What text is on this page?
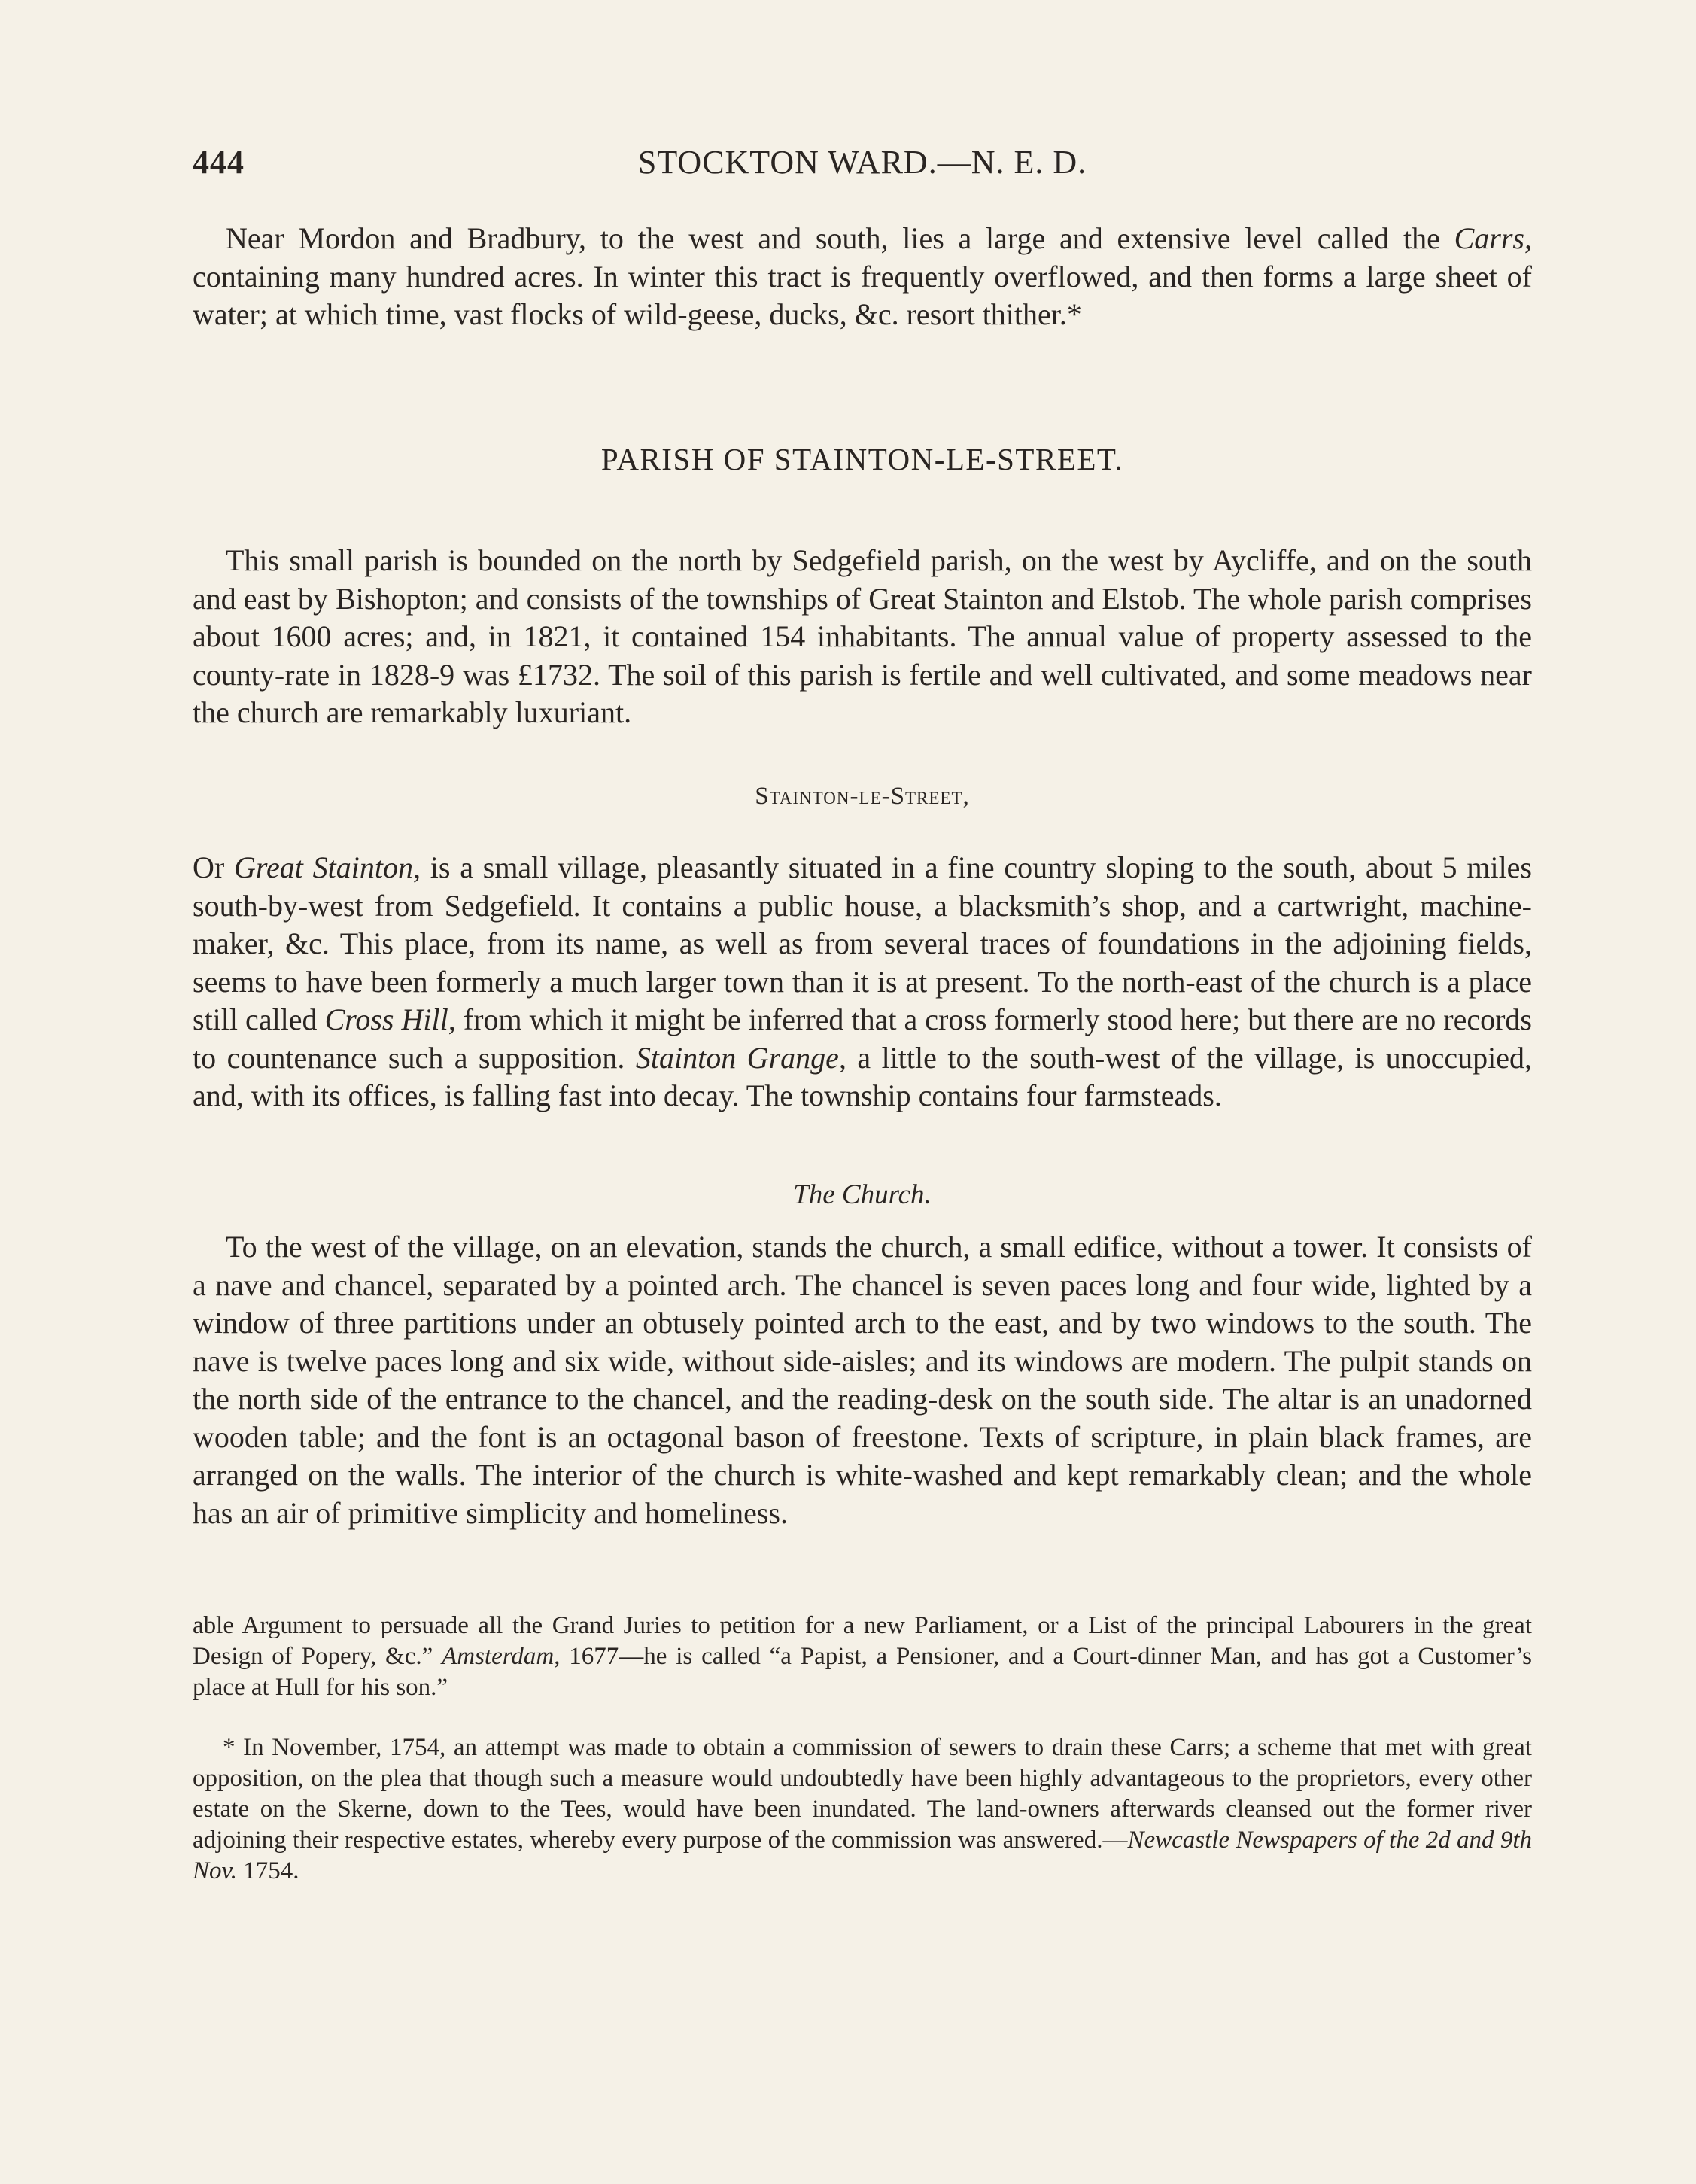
444	STOCKTON WARD.—N. E. D.

Near Mordon and Bradbury, to the west and south, lies a large and extensive level called the Carrs, containing many hundred acres. In winter this tract is frequently overflowed, and then forms a large sheet of water; at which time, vast flocks of wild-geese, ducks, &c. resort thither.*

PARISH OF STAINTON-LE-STREET.

This small parish is bounded on the north by Sedgefield parish, on the west by Aycliffe, and on the south and east by Bishopton; and consists of the townships of Great Stainton and Elstob. The whole parish comprises about 1600 acres; and, in 1821, it contained 154 inhabitants. The annual value of property assessed to the county-rate in 1828-9 was £1732. The soil of this parish is fertile and well cultivated, and some meadows near the church are remarkably luxuriant.

Stainton-le-Street,

Or Great Stainton, is a small village, pleasantly situated in a fine country sloping to the south, about 5 miles south-by-west from Sedgefield. It contains a public house, a blacksmith’s shop, and a cartwright, machine-maker, &c. This place, from its name, as well as from several traces of foundations in the adjoining fields, seems to have been formerly a much larger town than it is at present. To the north-east of the church is a place still called Cross Hill, from which it might be inferred that a cross formerly stood here; but there are no records to countenance such a supposition. Stainton Grange, a little to the south-west of the village, is unoccupied, and, with its offices, is falling fast into decay. The township contains four farmsteads.

The Church.

To the west of the village, on an elevation, stands the church, a small edifice, without a tower. It consists of a nave and chancel, separated by a pointed arch. The chancel is seven paces long and four wide, lighted by a window of three partitions under an obtusely pointed arch to the east, and by two windows to the south. The nave is twelve paces long and six wide, without side-aisles; and its windows are modern. The pulpit stands on the north side of the entrance to the chancel, and the reading-desk on the south side. The altar is an unadorned wooden table; and the font is an octagonal bason of freestone. Texts of scripture, in plain black frames, are arranged on the walls. The interior of the church is white-washed and kept remarkably clean; and the whole has an air of primitive simplicity and homeliness.

able Argument to persuade all the Grand Juries to petition for a new Parliament, or a List of the principal Labourers in the great Design of Popery, &c.” Amsterdam, 1677—he is called “a Papist, a Pensioner, and a Court-dinner Man, and has got a Customer’s place at Hull for his son.”

* In November, 1754, an attempt was made to obtain a commission of sewers to drain these Carrs; a scheme that met with great opposition, on the plea that though such a measure would undoubtedly have been highly advantageous to the proprietors, every other estate on the Skerne, down to the Tees, would have been inundated. The land-owners afterwards cleansed out the former river adjoining their respective estates, whereby every purpose of the commission was answered.—Newcastle Newspapers of the 2d and 9th Nov. 1754.
